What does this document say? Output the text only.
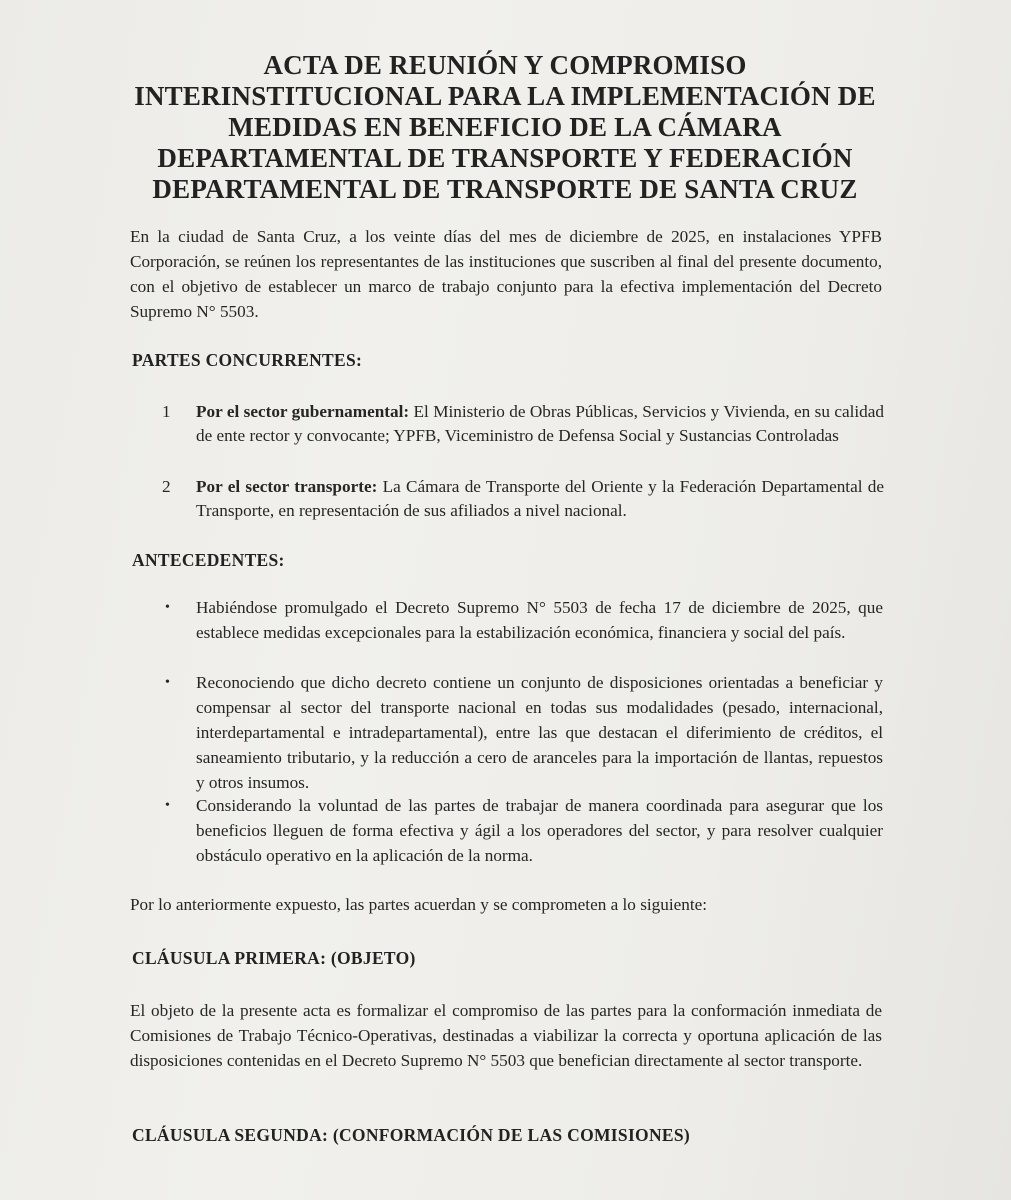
ACTA DE REUNIÓN Y COMPROMISO INTERINSTITUCIONAL PARA LA IMPLEMENTACIÓN DE MEDIDAS EN BENEFICIO DE LA CÁMARA DEPARTAMENTAL DE TRANSPORTE Y FEDERACIÓN DEPARTAMENTAL DE TRANSPORTE DE SANTA CRUZ
En la ciudad de Santa Cruz, a los veinte días del mes de diciembre de 2025, en instalaciones YPFB Corporación, se reúnen los representantes de las instituciones que suscriben al final del presente documento, con el objetivo de establecer un marco de trabajo conjunto para la efectiva implementación del Decreto Supremo N° 5503.
PARTES CONCURRENTES:
1	Por el sector gubernamental: El Ministerio de Obras Públicas, Servicios y Vivienda, en su calidad de ente rector y convocante; YPFB, Viceministro de Defensa Social y Sustancias Controladas
2	Por el sector transporte: La Cámara de Transporte del Oriente y la Federación Departamental de Transporte, en representación de sus afiliados a nivel nacional.
ANTECEDENTES:
•	Habiéndose promulgado el Decreto Supremo N° 5503 de fecha 17 de diciembre de 2025, que establece medidas excepcionales para la estabilización económica, financiera y social del país.
•	Reconociendo que dicho decreto contiene un conjunto de disposiciones orientadas a beneficiar y compensar al sector del transporte nacional en todas sus modalidades (pesado, internacional, interdepartamental e intradepartamental), entre las que destacan el diferimiento de créditos, el saneamiento tributario, y la reducción a cero de aranceles para la importación de llantas, repuestos y otros insumos.
•	Considerando la voluntad de las partes de trabajar de manera coordinada para asegurar que los beneficios lleguen de forma efectiva y ágil a los operadores del sector, y para resolver cualquier obstáculo operativo en la aplicación de la norma.
Por lo anteriormente expuesto, las partes acuerdan y se comprometen a lo siguiente:
CLÁUSULA PRIMERA: (OBJETO)
El objeto de la presente acta es formalizar el compromiso de las partes para la conformación inmediata de Comisiones de Trabajo Técnico-Operativas, destinadas a viabilizar la correcta y oportuna aplicación de las disposiciones contenidas en el Decreto Supremo N° 5503 que benefician directamente al sector transporte.
CLÁUSULA SEGUNDA: (CONFORMACIÓN DE LAS COMISIONES)
